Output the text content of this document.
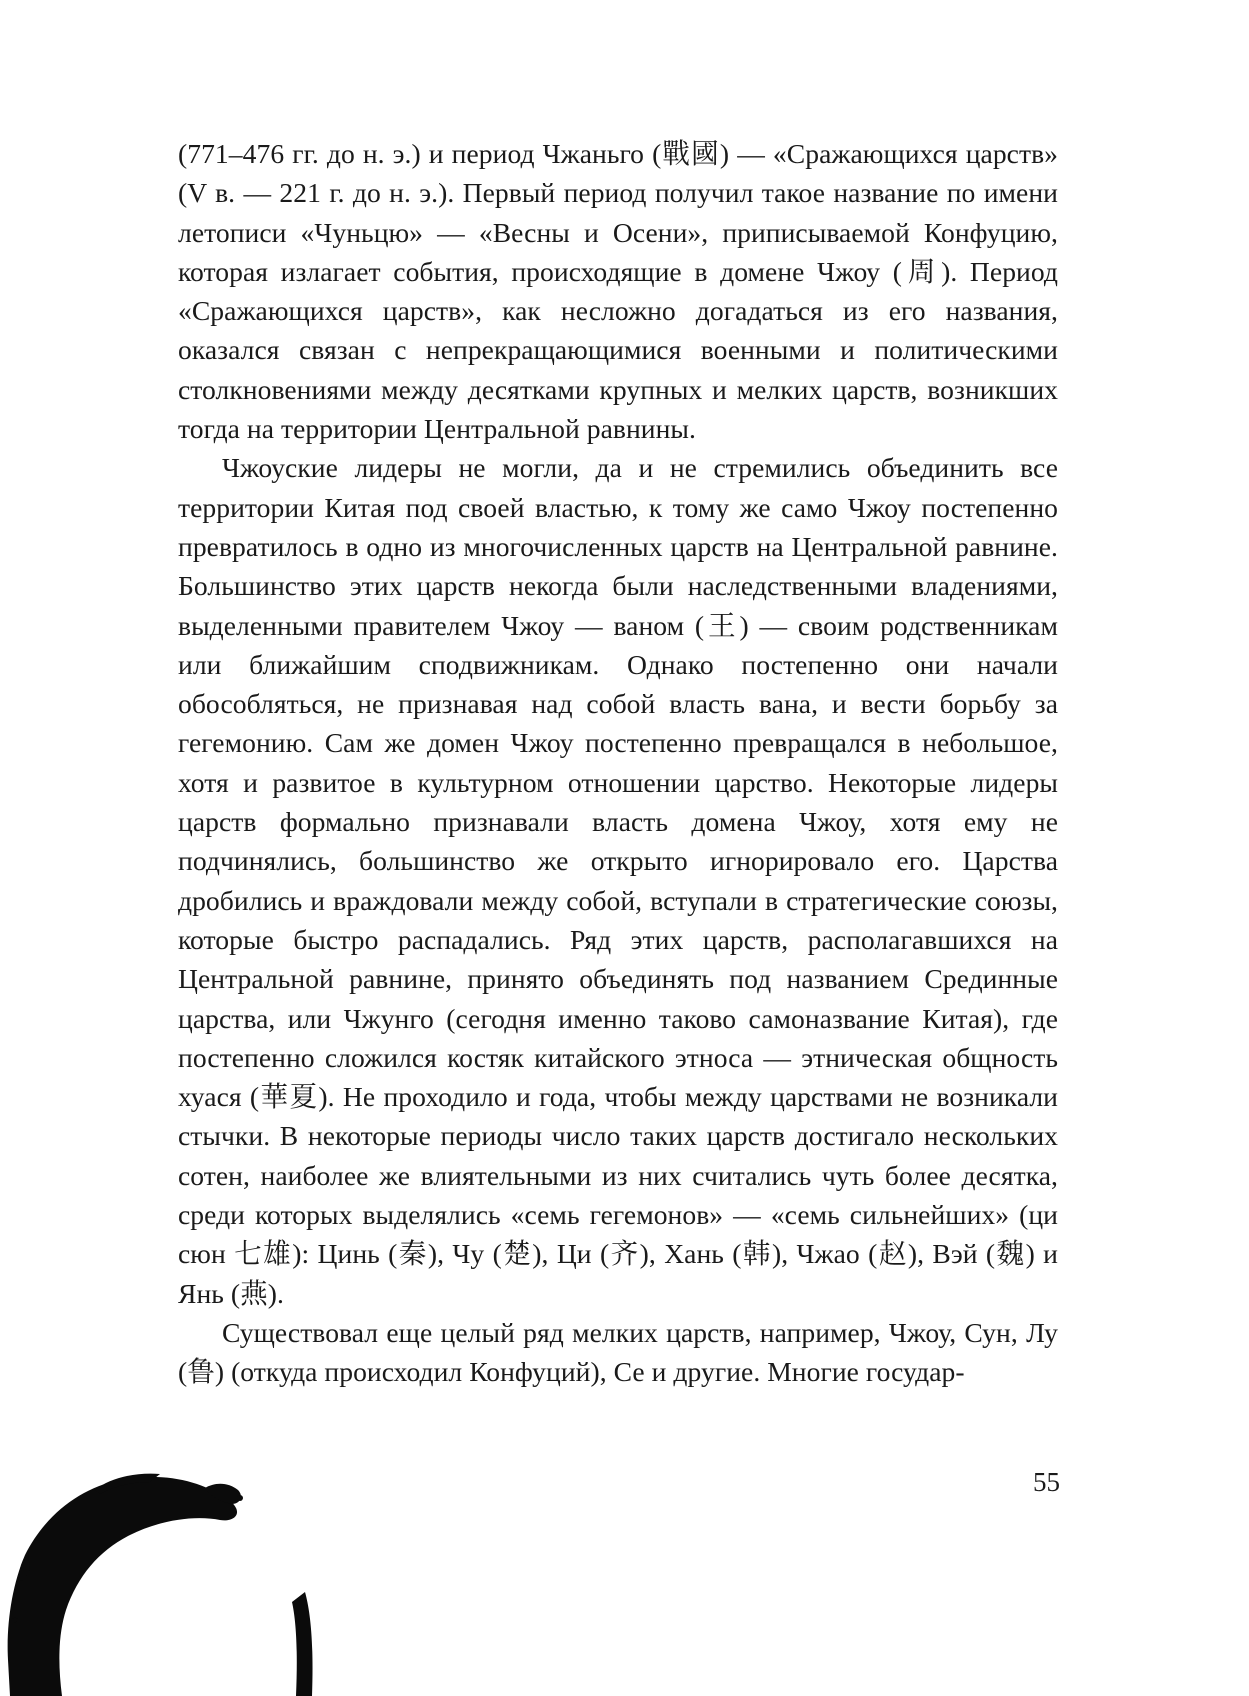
(771–476 гг. до н. э.) и период Чжаньго (戰國) — «Сражающихся царств» (V в. — 221 г. до н. э.). Первый период получил такое название по имени летописи «Чуньцю» — «Весны и Осени», приписываемой Конфуцию, которая излагает события, происходящие в домене Чжоу (周). Период «Сражающихся царств», как несложно догадаться из его названия, оказался связан с непрекращающимися военными и политическими столкновениями между десятками крупных и мелких царств, возникших тогда на территории Центральной равнины.

Чжоуские лидеры не могли, да и не стремились объединить все территории Китая под своей властью, к тому же само Чжоу постепенно превратилось в одно из многочисленных царств на Центральной равнине. Большинство этих царств некогда были наследственными владениями, выделенными правителем Чжоу — ваном (王) — своим родственникам или ближайшим сподвижникам. Однако постепенно они начали обособляться, не признавая над собой власть вана, и вести борьбу за гегемонию. Сам же домен Чжоу постепенно превращался в небольшое, хотя и развитое в культурном отношении царство. Некоторые лидеры царств формально признавали власть домена Чжоу, хотя ему не подчинялись, большинство же открыто игнорировало его. Царства дробились и враждовали между собой, вступали в стратегические союзы, которые быстро распадались. Ряд этих царств, располагавшихся на Центральной равнине, принято объединять под названием Срединные царства, или Чжунго (сегодня именно таково самоназвание Китая), где постепенно сложился костяк китайского этноса — этническая общность хуася (華夏). Не проходило и года, чтобы между царствами не возникали стычки. В некоторые периоды число таких царств достигало нескольких сотен, наиболее же влиятельными из них считались чуть более десятка, среди которых выделялись «семь гегемонов» — «семь сильнейших» (ци сюн 七雄): Цинь (秦), Чу (楚), Ци (齐), Хань (韩), Чжао (赵), Вэй (魏) и Янь (燕).

Существовал еще целый ряд мелких царств, например, Чжоу, Сун, Лу (鲁) (откуда происходил Конфуций), Се и другие. Многие государ-

55
